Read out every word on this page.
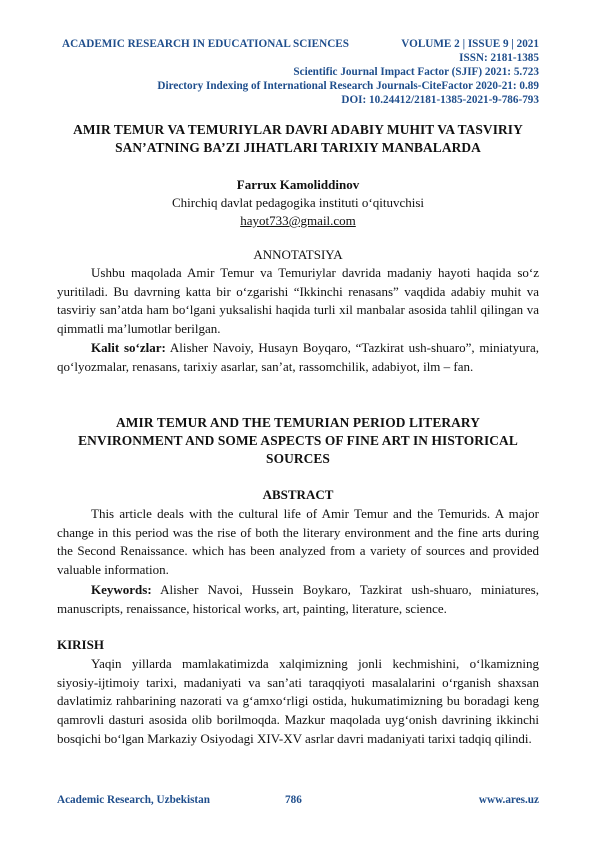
ACADEMIC RESEARCH IN EDUCATIONAL SCIENCES	VOLUME 2 | ISSUE 9 | 2021
ISSN: 2181-1385
Scientific Journal Impact Factor (SJIF) 2021: 5.723
Directory Indexing of International Research Journals-CiteFactor 2020-21: 0.89
DOI: 10.24412/2181-1385-2021-9-786-793
AMIR TEMUR VA TEMURIYLAR DAVRI ADABIY MUHIT VA TASVIRIY
SAN’ATNING BA’ZI JIHATLARI TARIXIY MANBALARDA
Farrux Kamoliddinov
Chirchiq davlat pedagogika instituti o‘qituvchisi
hayot733@gmail.com
ANNOTATSIYA
Ushbu maqolada Amir Temur va Temuriylar davrida madaniy hayoti haqida so‘z yuritiladi. Bu davrning katta bir o‘zgarishi “Ikkinchi renasans” vaqdida adabiy muhit va tasviriy san’atda ham bo‘lgani yuksalishi haqida turli xil manbalar asosida tahlil qilingan va qimmatli ma’lumotlar berilgan.
Kalit so‘zlar: Alisher Navoiy, Husayn Boyqaro, “Tazkirat ush-shuaro”, miniatyura, qo‘lyozmalar, renasans, tarixiy asarlar, san’at, rassomchilik, adabiyot, ilm – fan.
AMIR TEMUR AND THE TEMURIAN PERIOD LITERARY
ENVIRONMENT AND SOME ASPECTS OF FINE ART IN HISTORICAL
SOURCES
ABSTRACT
This article deals with the cultural life of Amir Temur and the Temurids. A major change in this period was the rise of both the literary environment and the fine arts during the Second Renaissance. which has been analyzed from a variety of sources and provided valuable information.
Keywords: Alisher Navoi, Hussein Boykaro, Tazkirat ush-shuaro, miniatures, manuscripts, renaissance, historical works, art, painting, literature, science.
KIRISH
Yaqin yillarda mamlakatimizda xalqimizning jonli kechmishini, o‘lkamizning siyosiy-ijtimoiy tarixi, madaniyati va san’ati taraqqiyoti masalalarini o‘rganish shaxsan davlatimiz rahbarining nazorati va g‘amxo‘rligi ostida, hukumatimizning bu boradagi keng qamrovli dasturi asosida olib borilmoqda. Mazkur maqolada uyg‘onish davrining ikkinchi bosqichi bo‘lgan Markaziy Osiyodagi XIV-XV asrlar davri madaniyati tarixi tadqiq qilindi.
Academic Research, Uzbekistan	786	www.ares.uz
